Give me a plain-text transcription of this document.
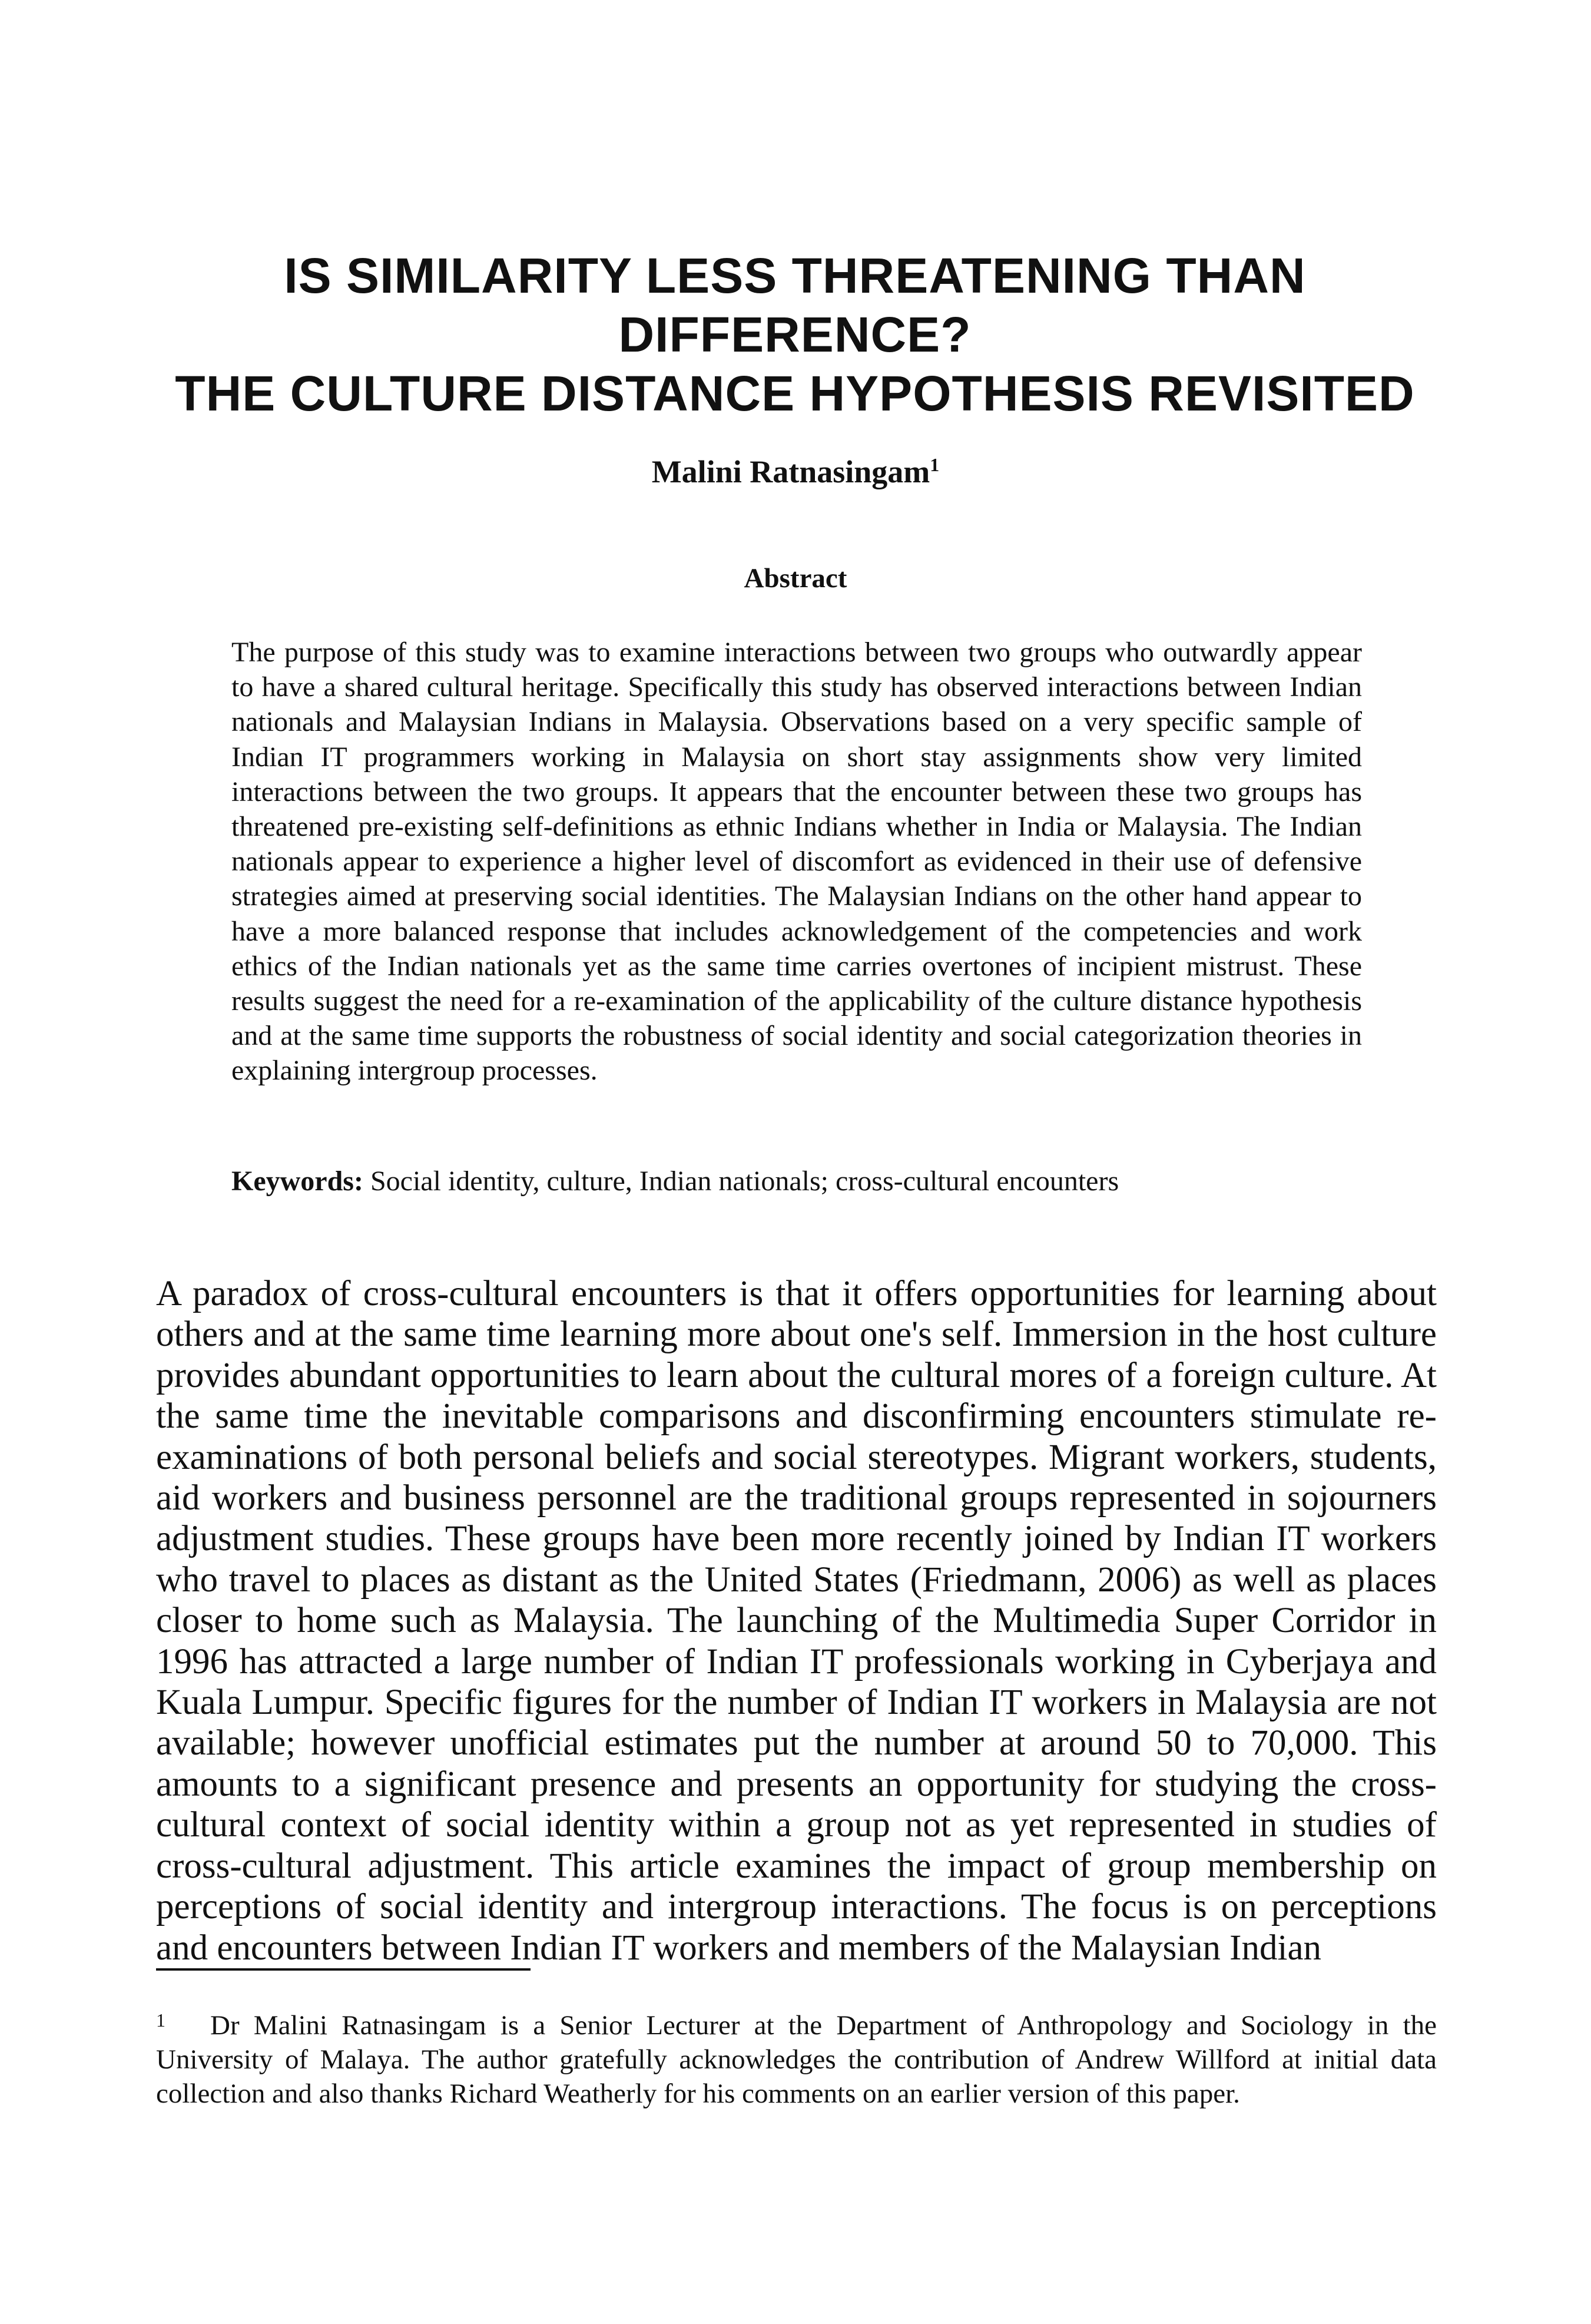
IS SIMILARITY LESS THREATENING THAN
DIFFERENCE?
THE CULTURE DISTANCE HYPOTHESIS REVISITED
Malini Ratnasingam$^1$
Abstract

The purpose of this study was to examine interactions between two groups who outwardly appear to have a shared cultural heritage. Specifically this study has observed interactions between Indian nationals and Malaysian Indians in Malaysia. Observations based on a very specific sample of Indian IT programmers working in Malaysia on short stay assignments show very limited interactions between the two groups. It appears that the encounter between these two groups has threatened pre-existing self-definitions as ethnic Indians whether in India or Malaysia. The Indian nationals appear to experience a higher level of discomfort as evidenced in their use of defensive strategies aimed at preserving social identities. The Malaysian Indians on the other hand appear to have a more balanced response that includes acknowledgement of the competencies and work ethics of the Indian nationals yet as the same time carries overtones of incipient mistrust. These results suggest the need for a re-examination of the applicability of the culture distance hypothesis and at the same time supports the robustness of social identity and social categorization theories in explaining intergroup processes.

Keywords: Social identity, culture, Indian nationals; cross-cultural encounters

A paradox of cross-cultural encounters is that it offers opportunities for learning about others and at the same time learning more about one's self. Immersion in the host culture provides abundant opportunities to learn about the cultural mores of a foreign culture. At the same time the inevitable comparisons and disconfirming encounters stimulate re-examinations of both personal beliefs and social stereotypes. Migrant workers, students, aid workers and business personnel are the traditional groups represented in sojourners adjustment studies. These groups have been more recently joined by Indian IT workers who travel to places as distant as the United States (Friedmann, 2006) as well as places closer to home such as Malaysia. The launching of the Multimedia Super Corridor in 1996 has attracted a large number of Indian IT professionals working in Cyberjaya and Kuala Lumpur. Specific figures for the number of Indian IT workers in Malaysia are not available; however unofficial estimates put the number at around 50 to 70,000. This amounts to a significant presence and presents an opportunity for studying the cross-cultural context of social identity within a group not as yet represented in studies of cross-cultural adjustment. This article examines the impact of group membership on perceptions of social identity and intergroup interactions. The focus is on perceptions and encounters between Indian IT workers and members of the Malaysian Indian

1 Dr Malini Ratnasingam is a Senior Lecturer at the Department of Anthropology and Sociology in the University of Malaya. The author gratefully acknowledges the contribution of Andrew Willford at initial data collection and also thanks Richard Weatherly for his comments on an earlier version of this paper.
